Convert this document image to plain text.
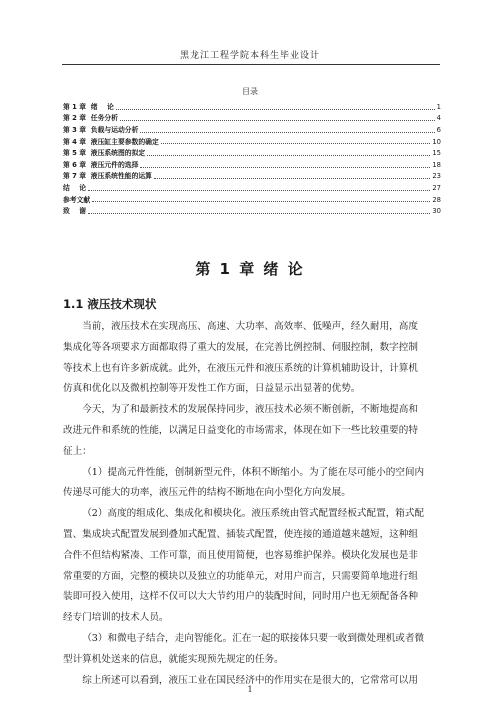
黑龙江工程学院本科生毕业设计
目录
第 1 章  绪    论	1
第 2 章  任务分析	4
第 3 章  负载与运动分析	6
第 4 章  液压缸主要参数的确定	10
第 5 章  液压系统图的拟定	15
第 6 章  液压元件的选择	18
第 7 章  液压系统性能的运算	23
结    论	27
参考文献	28
致    谢	30
第 1 章 绪 论
1.1 液压技术现状

当前，液压技术在实现高压、高速、大功率、高效率、低噪声，经久耐用，高度
集成化等各项要求方面都取得了重大的发展，在完善比例控制、伺服控制，数字控制
等技术上也有许多新成就。此外，在液压元件和液压系统的计算机辅助设计，计算机
仿真和优化以及微机控制等开发性工作方面，日益显示出显著的优势。

今天，为了和最新技术的发展保持同步，液压技术必须不断创新，不断地提高和
改进元件和系统的性能，以满足日益变化的市场需求，体现在如下一些比较重要的特
征上：

（1）提高元件性能，创制新型元件，体积不断缩小。为了能在尽可能小的空间内
传递尽可能大的功率，液压元件的结构不断地在向小型化方向发展。

（2）高度的组成化、集成化和模块化。液压系统由管式配置经板式配置，箱式配
置、集成块式配置发展到叠加式配置、插装式配置，使连接的通道越来越短，这种组
合件不但结构紧凑、工作可靠，而且使用简便，也容易维护保养。模块化发展也是非
常重要的方面，完整的模块以及独立的功能单元，对用户而言，只需要简单地进行组
装即可投入使用，这样不仅可以大大节约用户的装配时间，同时用户也无须配备各种
经专门培训的技术人员。

（3）和微电子结合，走向智能化。汇在一起的联接体只要一收到微处理机或者微
型计算机处送来的信息，就能实现预先规定的任务。

综上所述可以看到，液压工业在国民经济中的作用实在是很大的，它常常可以用

1
